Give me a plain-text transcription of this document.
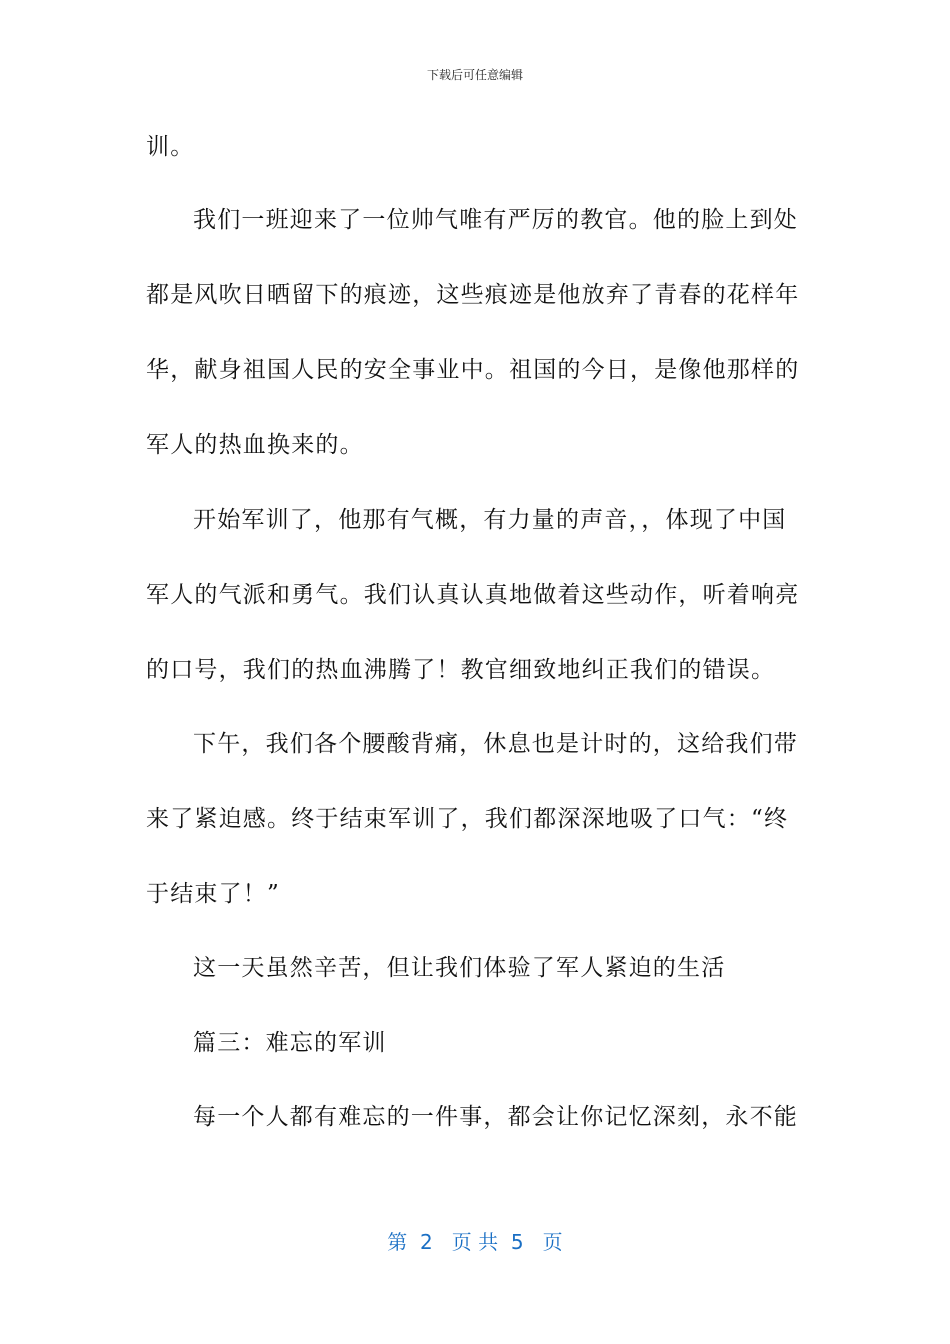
下载后可任意编辑
训。
我们一班迎来了一位帅气唯有严厉的教官。他的脸上到处
都是风吹日晒留下的痕迹，这些痕迹是他放弃了青春的花样年
华，献身祖国人民的安全事业中。祖国的今日，是像他那样的
军人的热血换来的。
开始军训了，他那有气概，有力量的声音，，体现了中国
军人的气派和勇气。我们认真认真地做着这些动作，听着响亮
的口号，我们的热血沸腾了！教官细致地纠正我们的错误。
下午，我们各个腰酸背痛，休息也是计时的，这给我们带
来了紧迫感。终于结束军训了，我们都深深地吸了口气：“终
于结束了！”
这一天虽然辛苦，但让我们体验了军人紧迫的生活
篇三：难忘的军训
每一个人都有难忘的一件事，都会让你记忆深刻，永不能
第  2   页 共  5   页
